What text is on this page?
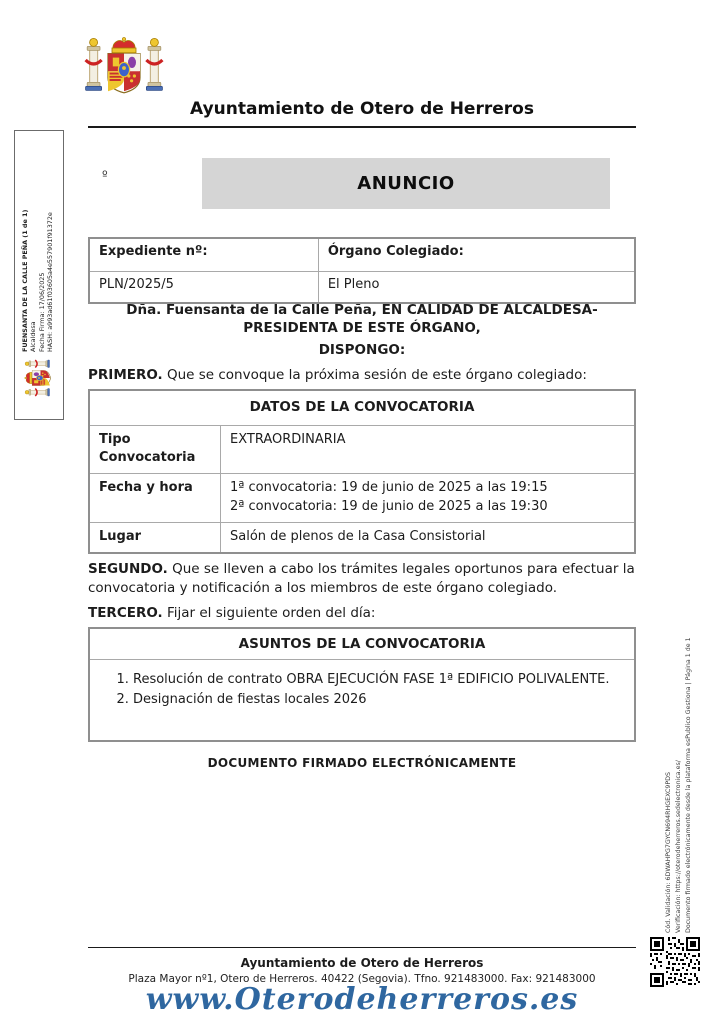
Ayuntamiento de Otero de Herreros
º	ANUNCIO
Expediente nº:	Órgano Colegiado:
PLN/2025/5	El Pleno
Dña. Fuensanta de la Calle Peña, EN CALIDAD DE ALCALDESA-PRESIDENTA DE ESTE ÓRGANO,
DISPONGO:
PRIMERO. Que se convoque la próxima sesión de este órgano colegiado:
DATOS DE LA CONVOCATORIA	
Tipo Convocatoria	EXTRAORDINARIA
Fecha y hora	1ª convocatoria: 19 de junio de 2025 a las 19:15
2ª convocatoria: 19 de junio de 2025 a las 19:30

Lugar	Salón de plenos de la Casa Consistorial
SEGUNDO. Que se lleven a cabo los trámites legales oportunos para efectuar la convocatoria y notificación a los miembros de este órgano colegiado.
TERCERO. Fijar el siguiente orden del día:
ASUNTOS DE LA CONVOCATORIA

1. Resolución de contrato OBRA EJECUCIÓN FASE 1ª EDIFICIO POLIVALENTE.
2. Designación de fiestas locales 2026
DOCUMENTO FIRMADO ELECTRÓNICAMENTE
Ayuntamiento de Otero de Herreros
Plaza Mayor nº1, Otero de Herreros. 40422 (Segovia). Tfno. 921483000. Fax: 921483000
www.Oterodeherreros.es
FUENSANTA DE LA CALLE PEÑA (1 de 1) Alcaldesa Fecha Firma: 17/06/2025 HASH: a993ad61f03605a4e557901f91372e
Cód. Validación: 6DWAHPG7GYCN694RHGEXC9PDS Verificación: https://oterodeherreros.sedelectronica.es/ Documento firmado electrónicamente desde la plataforma esPublico Gestiona | Página 1 de 1
